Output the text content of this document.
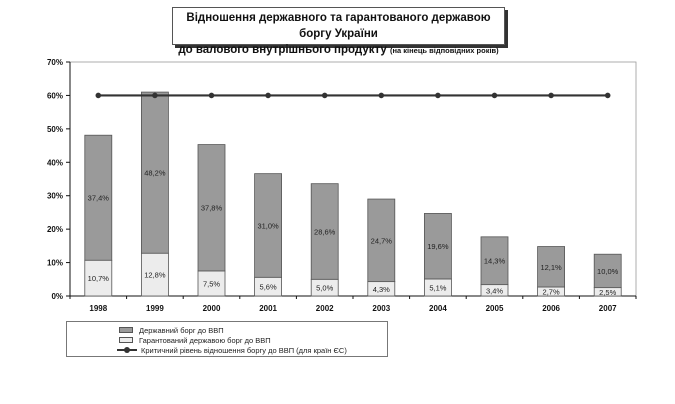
Відношення державного та гарантованого державою боргу України
до валового внутрішнього продукту (на кінець відповідних років)
0%
10%
20%
30%
40%
50%
60%
70%
37,4%
10,7%
1998
48,2%
12,8%
1999
37,8%
7,5%
2000
31,0%
5,6%
2001
28,6%
5,0%
2002
24,7%
4,3%
2003
19,6%
5,1%
2004
14,3%
3,4%
2005
12,1%
2,7%
2006
10,0%
2,5%
2007
Державний борг до ВВП
Гарантований державою борг до ВВП
Критичний рівень відношення боргу до ВВП (для країн ЄС)
